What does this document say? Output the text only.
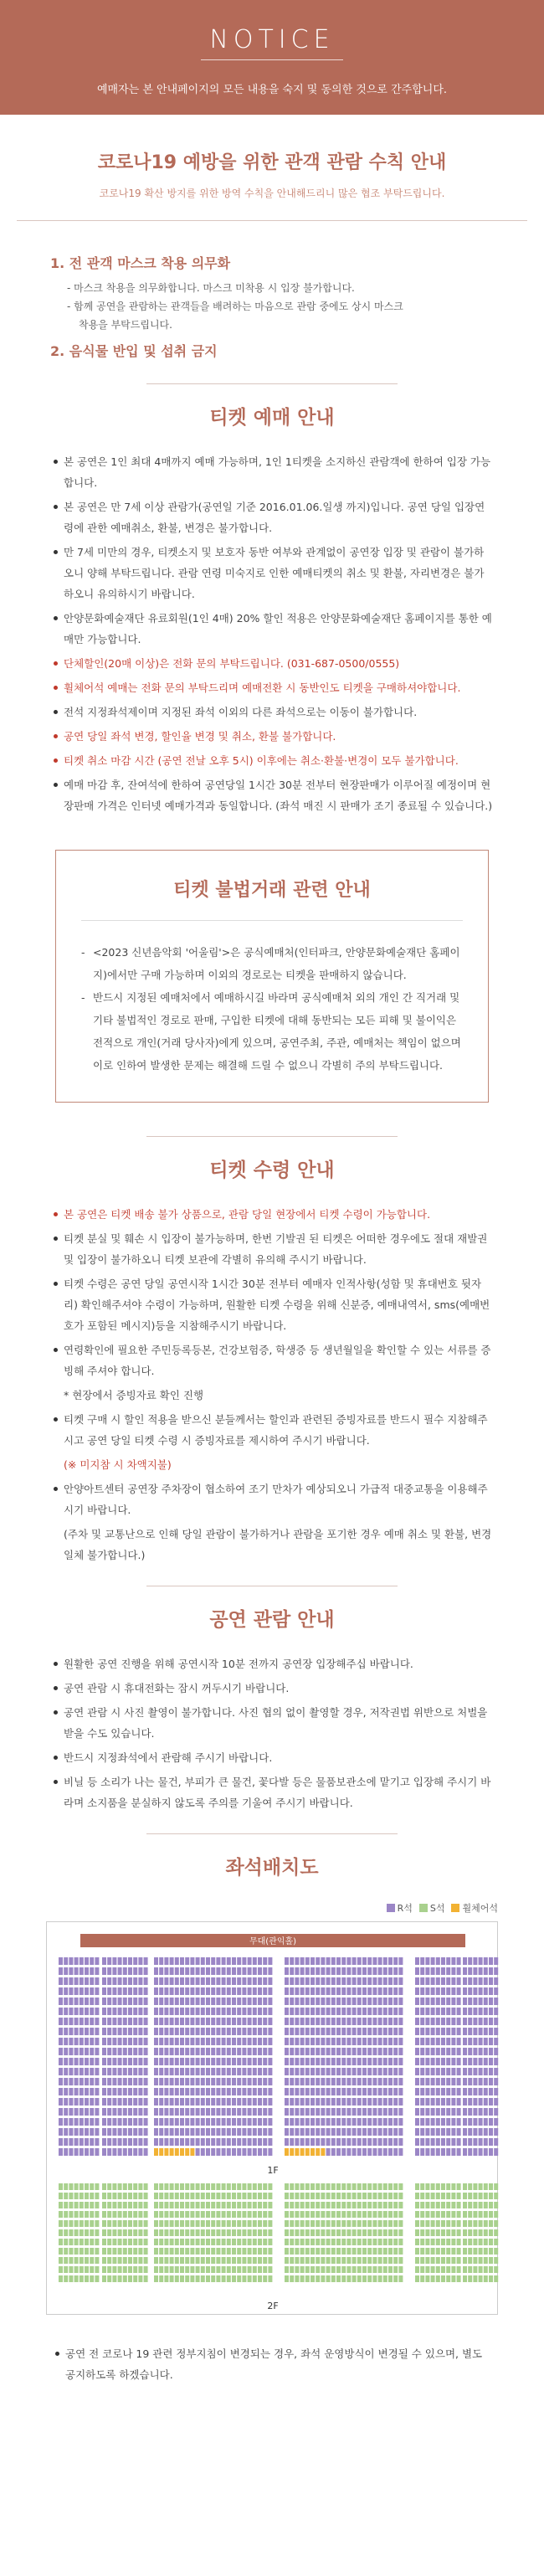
NOTICE

예매자는 본 안내페이지의 모든 내용을 숙지 및 동의한 것으로 간주합니다.

코로나19 예방을 위한 관객 관람 수칙 안내

코로나19 확산 방지를 위한 방역 수칙을 안내해드리니 많은 협조 부탁드립니다.

1. 전 관객 마스크 착용 의무화
- 마스크 착용을 의무화합니다. 마스크 미착용 시 입장 불가합니다.
- 함께 공연을 관람하는 관객들을 배려하는 마음으로 관람 중에도 상시 마스크
착용을 부탁드립니다.
2. 음식물 반입 및 섭취 금지
티켓 예매 안내
본 공연은 1인 최대 4매까지 예매 가능하며, 1인 1티켓을 소지하신 관람객에 한하여 입장 가능합니다.
본 공연은 만 7세 이상 관람가(공연일 기준 2016.01.06.일생 까지)입니다. 공연 당일 입장연령에 관한 예매취소, 환불, 변경은 불가합니다.
만 7세 미만의 경우, 티켓소지 및 보호자 동반 여부와 관계없이 공연장 입장 및 관람이 불가하오니 양해 부탁드립니다. 관람 연령 미숙지로 인한 예매티켓의 취소 및 환불, 자리변경은 불가하오니 유의하시기 바랍니다.
안양문화예술재단 유료회원(1인 4매) 20% 할인 적용은 안양문화예술재단 홈페이지를 통한 예매만 가능합니다.
단체할인(20매 이상)은 전화 문의 부탁드립니다. (031-687-0500/0555)
휠체어석 예매는 전화 문의 부탁드리며 예매전환 시 동반인도 티켓을 구매하셔야합니다.
전석 지정좌석제이며 지정된 좌석 이외의 다른 좌석으로는 이동이 불가합니다.
공연 당일 좌석 변경, 할인율 변경 및 취소, 환불 불가합니다.
티켓 취소 마감 시간 (공연 전날 오후 5시) 이후에는 취소·환불·변경이 모두 불가합니다.
예매 마감 후, 잔여석에 한하여 공연당일 1시간 30분 전부터 현장판매가 이루어질 예정이며 현장판매 가격은 인터넷 예매가격과 동일합니다. (좌석 매진 시 판매가 조기 종료될 수 있습니다.)
티켓 불법거래 관련 안내
- <2023 신년음악회 '어울림'>은 공식예매처(인터파크, 안양문화예술재단 홈페이지)에서만 구매 가능하며 이외의 경로로는 티켓을 판매하지 않습니다.
- 반드시 지정된 예매처에서 예매하시길 바라며 공식예매처 외의 개인 간 직거래 및 기타 불법적인 경로로 판매, 구입한 티켓에 대해 동반되는 모든 피해 및 불이익은 전적으로 개인(거래 당사자)에게 있으며, 공연주최, 주관, 예매처는 책임이 없으며 이로 인하여 발생한 문제는 해결해 드릴 수 없으니 각별히 주의 부탁드립니다.
티켓 수령 안내
본 공연은 티켓 배송 불가 상품으로, 관람 당일 현장에서 티켓 수령이 가능합니다.
티켓 분실 및 훼손 시 입장이 불가능하며, 한번 기발권 된 티켓은 어떠한 경우에도 절대 재발권 및 입장이 불가하오니 티켓 보관에 각별히 유의해 주시기 바랍니다.
티켓 수령은 공연 당일 공연시작 1시간 30분 전부터 예매자 인적사항(성함 및 휴대번호 뒷자리) 확인해주셔야 수령이 가능하며, 원활한 티켓 수령을 위해 신분증, 예매내역서, sms(예매번호가 포함된 메시지)등을 지참해주시기 바랍니다.
연령확인에 필요한 주민등록등본, 건강보험증, 학생증 등 생년월일을 확인할 수 있는 서류를 증빙해 주셔야 합니다.
* 현장에서 증빙자료 확인 진행
티켓 구매 시 할인 적용을 받으신 분들께서는 할인과 관련된 증빙자료를 반드시 필수 지참해주시고 공연 당일 티켓 수령 시 증빙자료를 제시하여 주시기 바랍니다.
(※ 미지참 시 차액지불)
안양아트센터 공연장 주차장이 협소하여 조기 만차가 예상되오니 가급적 대중교통을 이용해주시기 바랍니다.
(주차 및 교통난으로 인해 당일 관람이 불가하거나 관람을 포기한 경우 예매 취소 및 환불, 변경 일체 불가합니다.)
공연 관람 안내
원활한 공연 진행을 위해 공연시작 10분 전까지 공연장 입장해주십 바랍니다.
공연 관람 시 휴대전화는 잠시 꺼두시기 바랍니다.
공연 관람 시 사진 촬영이 불가합니다. 사진 협의 없이 촬영할 경우, 저작권법 위반으로 처벌을 받을 수도 있습니다.
반드시 지정좌석에서 관람해 주시기 바랍니다.
비닐 등 소리가 나는 물건, 부피가 큰 물건, 꽃다발 등은 물품보관소에 맡기고 입장해 주시기 바라며 소지품을 분실하지 않도록 주의를 기울여 주시기 바랍니다.
좌석배치도
R석 S석 휠체어석
무대(관익홀)
1F
2F
공연 전 코로나 19 관련 정부지침이 변경되는 경우, 좌석 운영방식이 변경될 수 있으며, 별도 공지하도록 하겠습니다.
